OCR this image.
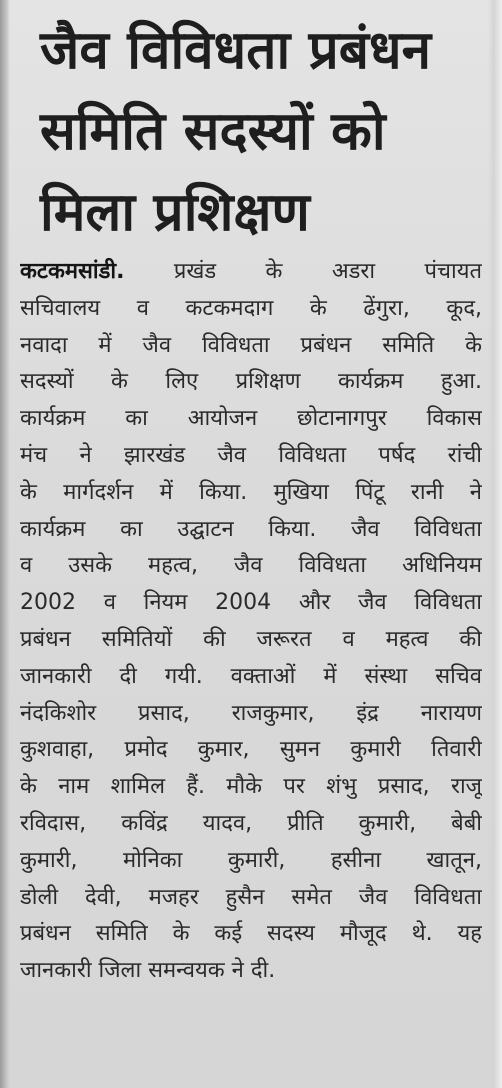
जैव विविधता प्रबंधन
समिति सदस्यों को
मिला प्रशिक्षण
कटकमसांडी. प्रखंड के अडरा पंचायत
सचिवालय व कटकमदाग के ढेंगुरा, कूद,
नवादा में जैव विविधता प्रबंधन समिति के
सदस्यों के लिए प्रशिक्षण कार्यक्रम हुआ.
कार्यक्रम का आयोजन छोटानागपुर विकास
मंच ने झारखंड जैव विविधता पर्षद रांची
के मार्गदर्शन में किया. मुखिया पिंटू रानी ने
कार्यक्रम का उद्घाटन किया. जैव विविधता
व उसके महत्व, जैव विविधता अधिनियम
2002 व नियम 2004 और जैव विविधता
प्रबंधन समितियों की जरूरत व महत्व की
जानकारी दी गयी. वक्ताओं में संस्था सचिव
नंदकिशोर प्रसाद, राजकुमार, इंद्र नारायण
कुशवाहा, प्रमोद कुमार, सुमन कुमारी तिवारी
के नाम शामिल हैं. मौके पर शंभु प्रसाद, राजू
रविदास, कविंद्र यादव, प्रीति कुमारी, बेबी
कुमारी, मोनिका कुमारी, हसीना खातून,
डोली देवी, मजहर हुसैन समेत जैव विविधता
प्रबंधन समिति के कई सदस्य मौजूद थे. यह
जानकारी जिला समन्वयक ने दी.
